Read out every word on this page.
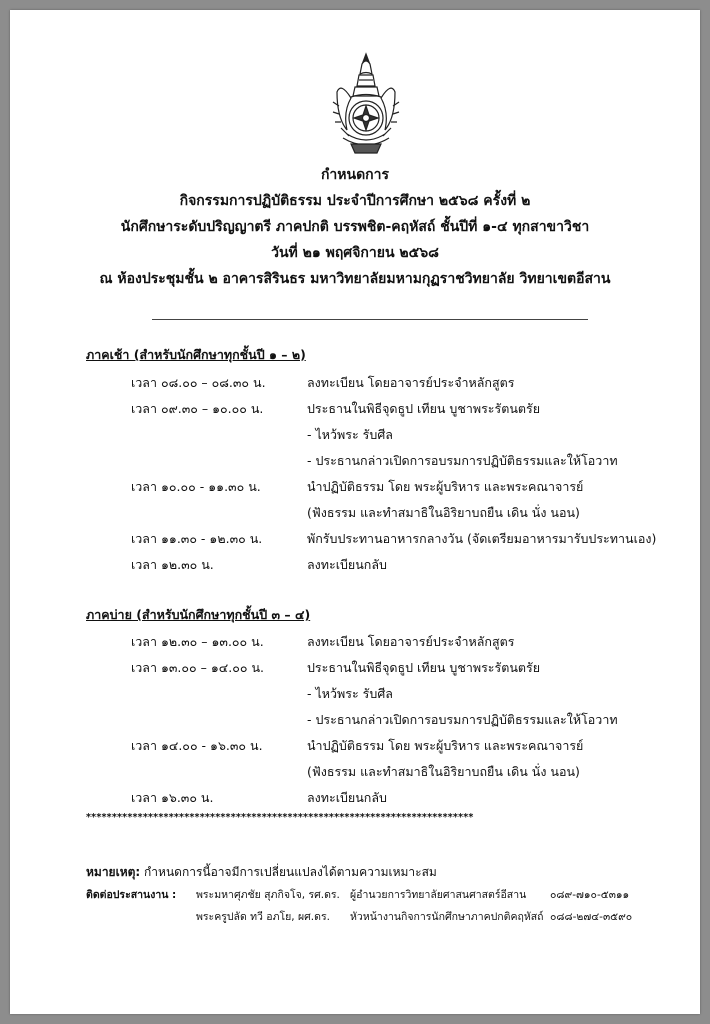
กำหนดการ
กิจกรรมการปฏิบัติธรรม ประจำปีการศึกษา ๒๕๖๘ ครั้งที่ ๒
นักศึกษาระดับปริญญาตรี ภาคปกติ บรรพชิต-คฤหัสถ์ ชั้นปีที่ ๑-๔ ทุกสาขาวิชา
วันที่ ๒๑ พฤศจิกายน ๒๕๖๘
ณ ห้องประชุมชั้น ๒ อาคารสิรินธร มหาวิทยาลัยมหามกุฏราชวิทยาลัย วิทยาเขตอีสาน
ภาคเช้า (สำหรับนักศึกษาทุกชั้นปี ๑ – ๒)
เวลา ๐๘.๐๐ – ๐๘.๓๐ น.	ลงทะเบียน โดยอาจารย์ประจำหลักสูตร
เวลา ๐๙.๓๐ – ๑๐.๐๐ น.	ประธานในพิธีจุดธูป เทียน บูชาพระรัตนตรัย
- ไหว้พระ รับศีล
- ประธานกล่าวเปิดการอบรมการปฏิบัติธรรมและให้โอวาท
เวลา ๑๐.๐๐ - ๑๑.๓๐ น.	นำปฏิบัติธรรม โดย พระผู้บริหาร และพระคณาจารย์
(ฟังธรรม และทำสมาธิในอิริยาบถยืน เดิน นั่ง นอน)
เวลา ๑๑.๓๐ - ๑๒.๓๐ น.	พักรับประทานอาหารกลางวัน (จัดเตรียมอาหารมารับประทานเอง)
เวลา ๑๒.๓๐ น.	ลงทะเบียนกลับ
ภาคบ่าย (สำหรับนักศึกษาทุกชั้นปี ๓ – ๔)
เวลา ๑๒.๓๐ – ๑๓.๐๐ น.	ลงทะเบียน โดยอาจารย์ประจำหลักสูตร
เวลา ๑๓.๐๐ – ๑๔.๐๐ น.	ประธานในพิธีจุดธูป เทียน บูชาพระรัตนตรัย
- ไหว้พระ รับศีล
- ประธานกล่าวเปิดการอบรมการปฏิบัติธรรมและให้โอวาท
เวลา ๑๔.๐๐ - ๑๖.๓๐ น.	นำปฏิบัติธรรม โดย พระผู้บริหาร และพระคณาจารย์
(ฟังธรรม และทำสมาธิในอิริยาบถยืน เดิน นั่ง นอน)
เวลา ๑๖.๓๐ น.	ลงทะเบียนกลับ
***************************************************************************
หมายเหตุ: กำหนดการนี้อาจมีการเปลี่ยนแปลงได้ตามความเหมาะสม
ติดต่อประสานงาน : พระมหาศุภชัย สุภกิจโจ, รศ.ดร. ผู้อำนวยการวิทยาลัยศาสนศาสตร์อีสาน ๐๘๙-๗๑๐-๕๓๑๑
พระครูปลัด ทวี อภโย, ผศ.ดร. หัวหน้างานกิจการนักศึกษาภาคปกติคฤหัสถ์ ๐๘๘-๒๗๔-๓๕๙๐
